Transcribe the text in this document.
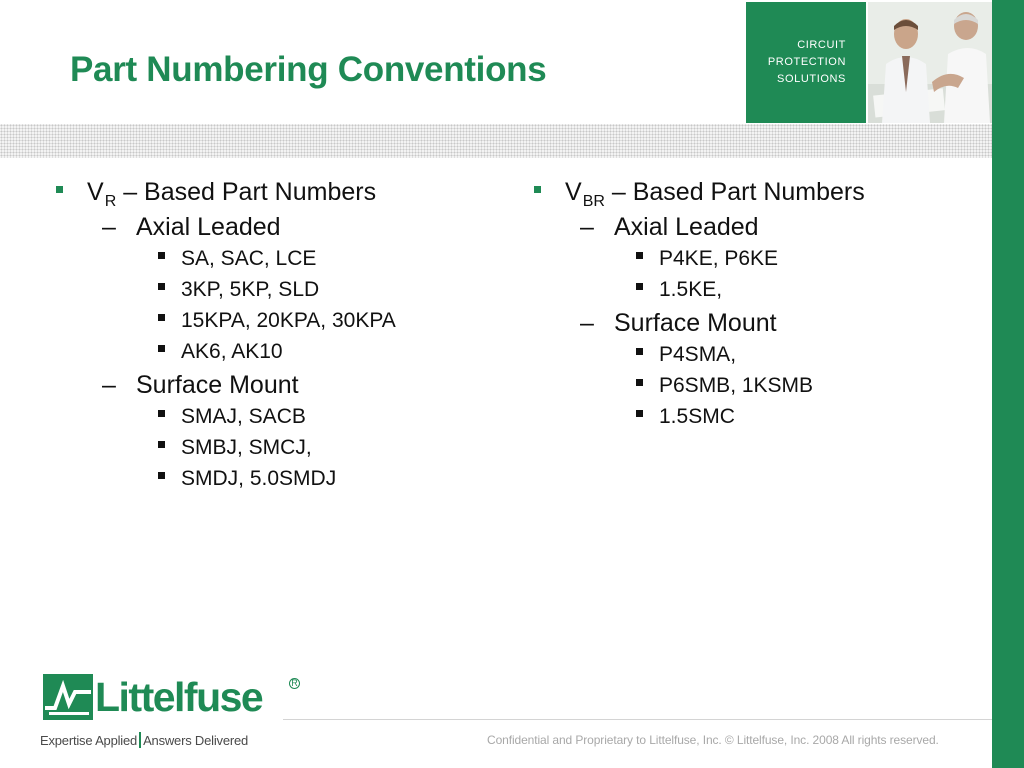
Part Numbering Conventions
CIRCUIT
PROTECTION
SOLUTIONS
V R – Based Part Numbers
– Axial Leaded
SA, SAC, LCE
3KP, 5KP, SLD
15KPA, 20KPA, 30KPA
AK6, AK10
– Surface Mount
SMAJ, SACB
SMBJ, SMCJ,
SMDJ, 5.0SMDJ
V BR – Based Part Numbers
– Axial Leaded
P4KE, P6KE
1.5KE,
– Surface Mount
P4SMA,
P6SMB, 1KSMB
1.5SMC
Littelfuse	R
Expertise Applied Answers Delivered	Confidential and Proprietary to Littelfuse, Inc. © Littelfuse, Inc. 2008 All rights reserved.
